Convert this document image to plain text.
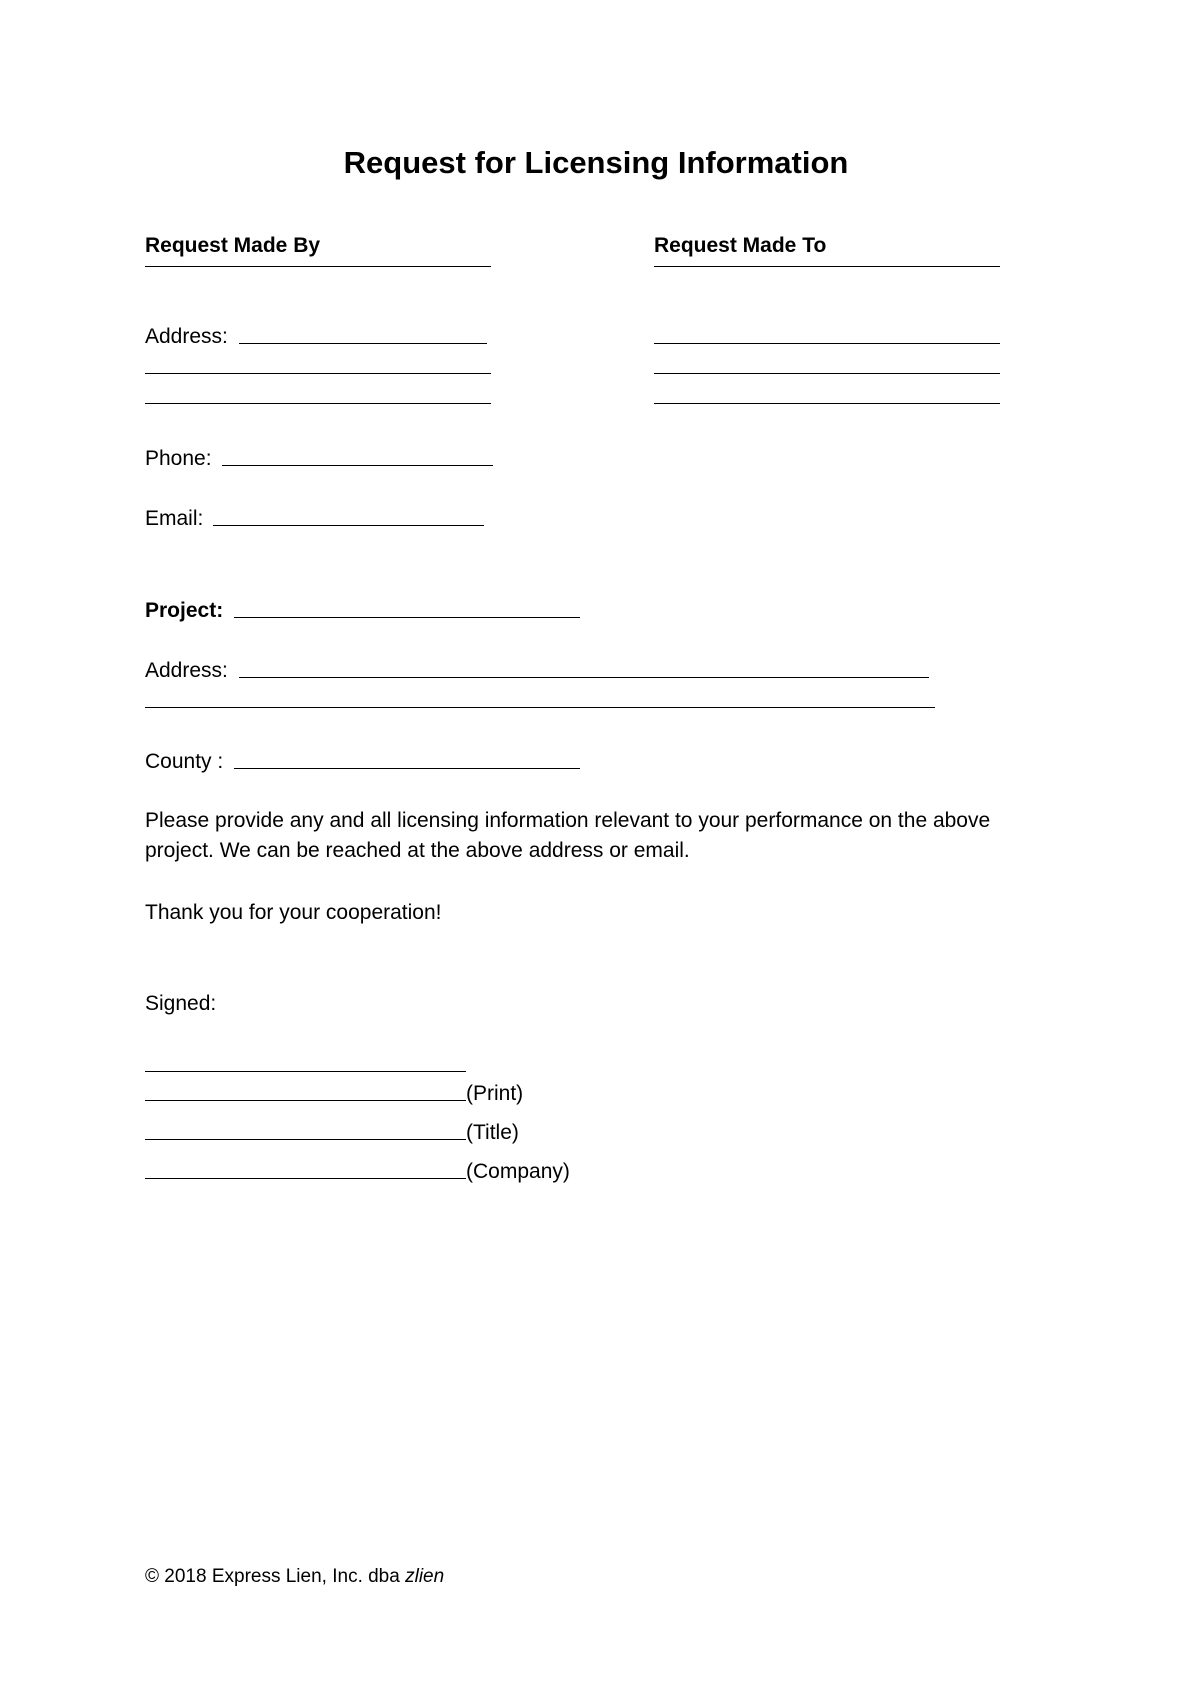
Request for Licensing Information
Request Made By
Address:
Phone:
Email:
Request Made To
Project:
Address:
County :
Please provide any and all licensing information relevant to your performance on the above project. We can be reached at the above address or email.
Thank you for your cooperation!
Signed:
(Print)
(Title)
(Company)
© 2018 Express Lien, Inc. dba zlien
